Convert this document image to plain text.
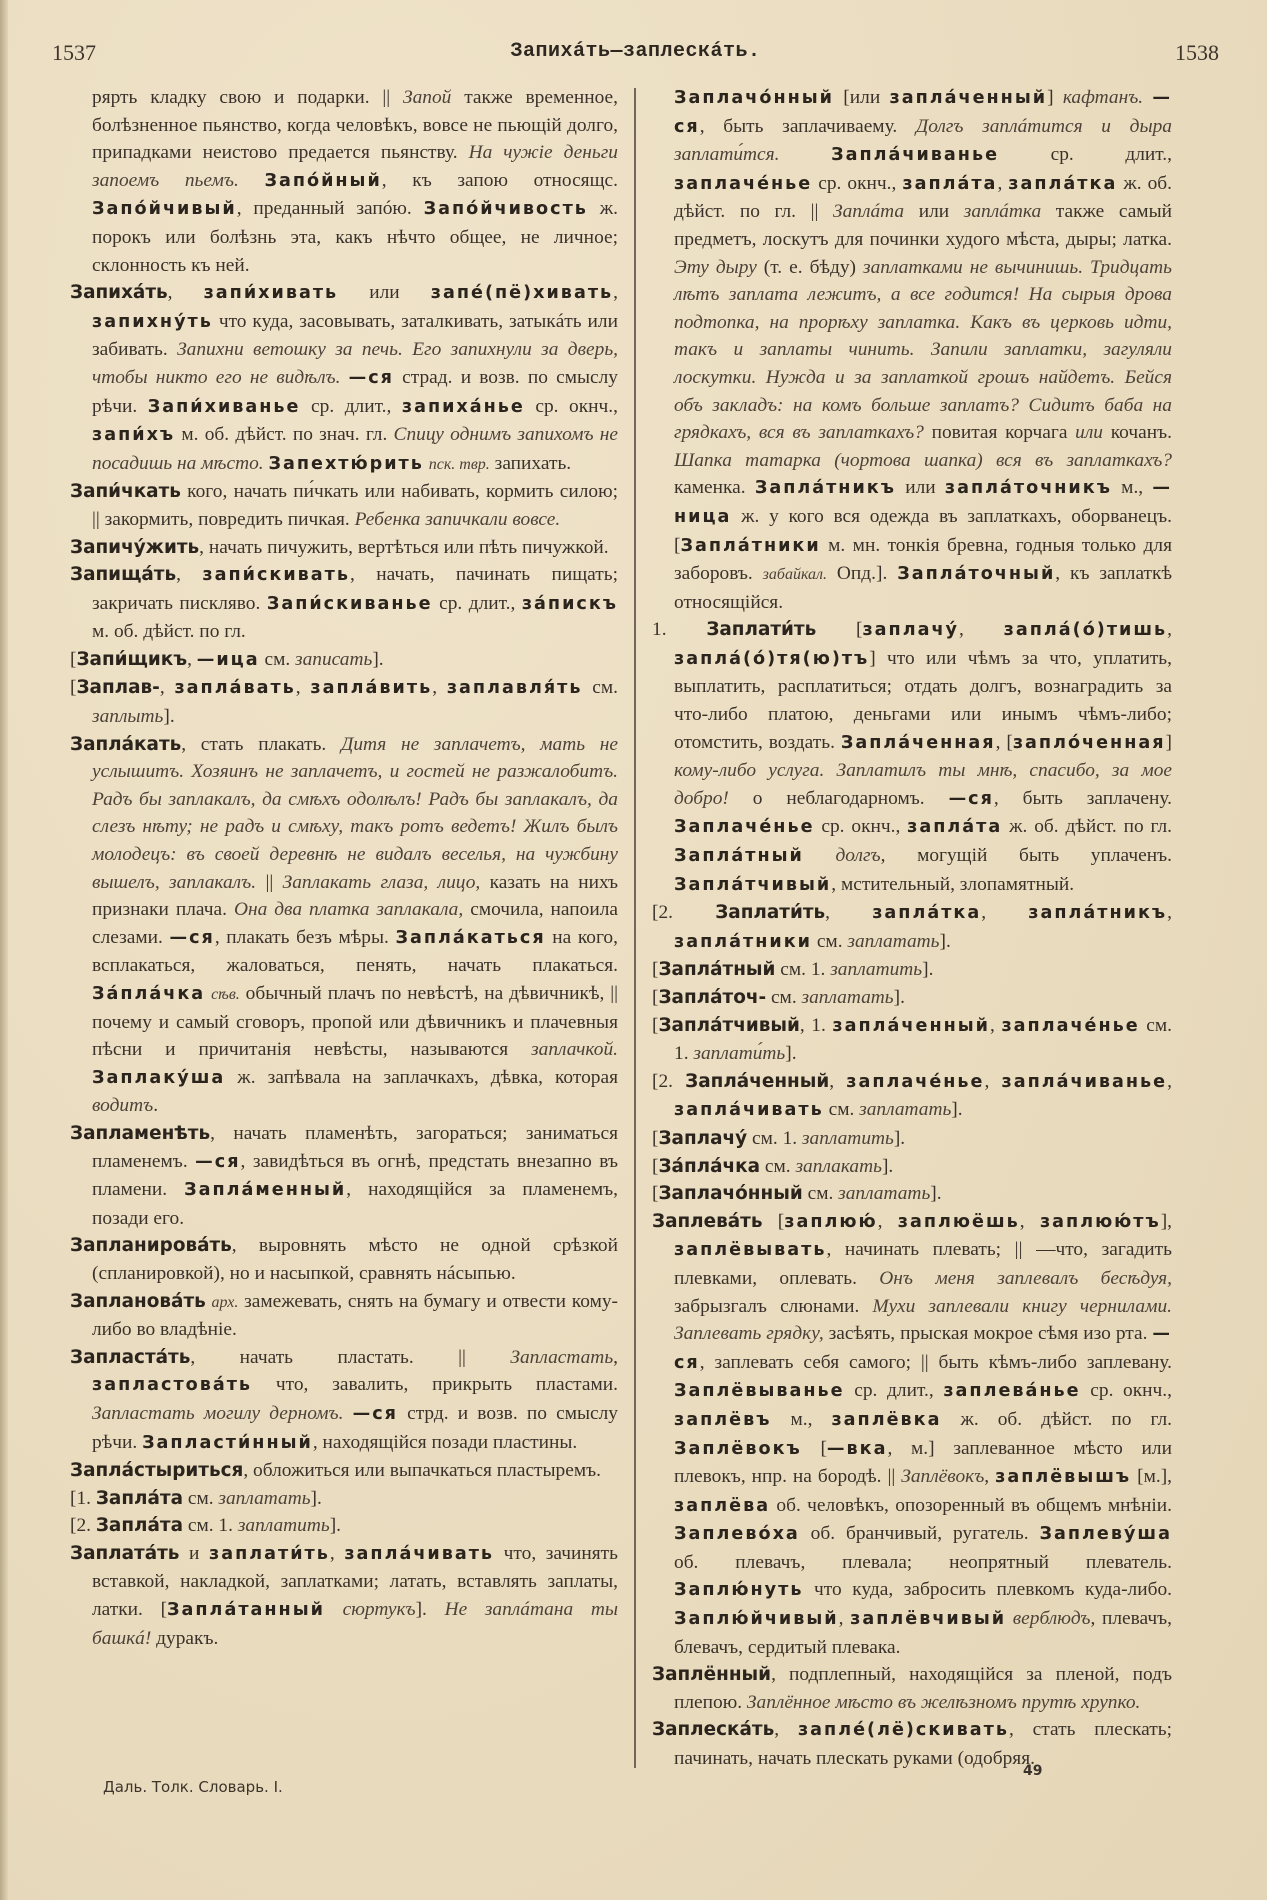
1537	Запихáть—заплескáть.	1538

рярть кладку свою и подарки. || Запой также временное, болѣзненное пьянство, когда человѣкъ, вовсе не пьющій долго, припадками неистово предается пьянству. На чужіе деньги запоемъ пьемъ. Запóйный, къ запою относящс. Запóйчивый, преданный запóю. Запóйчивость ж. порокъ или болѣзнь эта, какъ нѣчто общее, не личное; склонность къ ней.

Запихáть, запи́хивать или запé(пё)хивать, запихну́ть что куда, засовывать, заталкивать, затыкáть или забивать. Запихни ветошку за печь. Его запихнули за дверь, чтобы никто его не видѣлъ. —ся страд. и возв. по смыслу рѣчи. Запи́хиванье ср. длит., запихáнье ср. окнч., запи́хъ м. об. дѣйст. по знач. гл. Спицу однимъ запихомъ не посадишь на мѣсто. Запехтю́рить пск. твр. запихать.

Запи́чкать кого, начать пи́чкать или набивать, кормить силою; || закормить, повредить пичкая. Ребенка запичкали вовсе.

Запичу́жить, начать пичужить, вертѣться или пѣть пичужкой.

Запищáть, запи́скивать, начать, пачинать пищать; закричать пискляво. Запи́скиванье ср. длит., зáпискъ м. об. дѣйст. по гл.

[Запи́щикъ, —ица см. записать].

[Заплав-, заплáвать, заплáвить, заплавля́ть см. заплыть].

Заплáкать, стать плакать. Дитя не заплачетъ, мать не услышитъ. Хозяинъ не заплачетъ, и гостей не разжалобитъ. Радъ бы заплакалъ, да смѣхъ одолѣлъ! Радъ бы заплакалъ, да слезъ нѣту; не радъ и смѣху, такъ ротъ ведетъ! Жилъ былъ молодецъ: въ своей деревнѣ не видалъ веселья, на чужбину вышелъ, заплакалъ. || Заплакать глаза, лицо, казать на нихъ признаки плача. Она два платка заплакала, смочила, напоила слезами. —ся, плакать безъ мѣры. Заплáкаться на кого, всплакаться, жаловаться, пенять, начать плакаться. Зáплáчка сѣв. обычный плачъ по невѣстѣ, на дѣвичникѣ, || почему и самый сговоръ, пропой или дѣвичникъ и плачевныя пѣсни и причитанія невѣсты, называются заплачкой. Заплаку́ша ж. запѣвала на заплачкахъ, дѣвка, которая водитъ.

Запламенѣть, начать пламенѣть, загораться; заниматься пламенемъ. —ся, завидѣться въ огнѣ, предстать внезапно въ пламени. Заплáменный, находящійся за пламенемъ, позади его.

Запланировáть, выровнять мѣсто не одной срѣзкой (спланировкой), но и насыпкой, сравнять нáсыпью.

Заплановáть арх. замежевать, снять на бумагу и отвести кому-либо во владѣніе.

Запластáть, начать пластать. || Запластать, запластовáть что, завалить, прикрыть пластами. Запластать могилу дерномъ. —ся стрд. и возв. по смыслу рѣчи. Запласти́нный, находящійся позади пластины.

Заплáстыриться, обложиться или выпачкаться пластыремъ.

[1. Заплáта см. заплатать].

[2. Заплáта см. 1. заплатить].

Заплатáть и заплати́ть, заплáчивать что, зачинять вставкой, накладкой, заплатками; латать, вставлять заплаты, латки. [Заплáтанный сюртукъ]. Не заплáтана ты башкá! дуракъ.

Заплачóнный [или заплáченный] кафтанъ. —ся, быть заплачиваему. Долгъ заплáтится и дыра заплати́тся.	Заплáчиванье ср. длит., заплачéнье ср. окнч., заплáта, заплáтка ж. об. дѣйст. по гл. || Заплáта или заплáтка также самый предметъ, лоскутъ для починки худого мѣста, дыры; латка. Эту дыру (т. е. бѣду) заплатками не вычинишь. Тридцать лѣтъ заплата лежитъ, а все годится! На сырыя дрова подтопка, на прорѣху заплатка. Какъ въ церковь идти, такъ и заплаты чинить. Запили заплатки, загуляли лоскутки. Нужда и за заплаткой грошъ найдетъ. Бейся объ закладъ: на комъ больше заплатъ? Сидитъ баба на грядкахъ, вся въ заплаткахъ? повитая корчага или кочанъ. Шапка татарка (чортова шапка) вся въ заплаткахъ? каменка. Заплáтникъ или заплáточникъ м., —ница ж. у кого вся одежда въ заплаткахъ, оборванецъ. [Заплáтники м. мн. тонкія бревна, годныя только для заборовъ. забайкал. Опд.]. Заплáточный, къ заплаткѣ относящійся.

1. Заплати́ть [заплачу́, заплá(ó)тишь, заплá(ó)тя(ю)тъ] что или чѣмъ за что, уплатить, выплатить, расплатиться; отдать долгъ, вознаградить за что-либо платою, деньгами или инымъ чѣмъ-либо; отомстить, воздать. Заплáченная, [заплóченная] кому-либо услуга. Заплатилъ ты мнѣ, спасибо, за мое добро! о неблагодарномъ. —ся, быть заплачену. Заплачéнье ср. окнч., заплáта ж. об. дѣйст. по гл. Заплáтный долгъ, могущій быть уплаченъ. Заплáтчивый, мстительный, злопамятный.

[2. Заплати́ть, заплáтка, заплáтникъ, заплáтники см. заплатать].

[Заплáтный см. 1. заплатить].

[Заплáточ- см. заплатать].

[Заплáтчивый, 1. заплáченный, заплачéнье см. 1. заплати́ть].

[2. Заплáченный, заплачéнье, заплáчиванье, заплáчивать см. заплатать].

[Заплачу́ см. 1. заплатить].

[Зáплáчка см. заплакать].

[Заплачóнный см. заплатать].

Заплевáть [заплюю́, заплюёшь, заплюю́тъ], заплёвывать, начинать плевать; || —что, загадить плевками, оплевать. Онъ меня заплевалъ бесѣдуя, забрызгалъ слюнами. Мухи заплевали книгу чернилами. Заплевать грядку, засѣять, прыская мокрое сѣмя изо рта. —ся, заплевать себя самого; || быть кѣмъ-либо заплевану. Заплёвыванье ср. длит., заплевáнье ср. окнч., заплёвъ м., заплёвка ж. об. дѣйст. по гл. Заплёвокъ [—вка, м.] заплеванное мѣсто или плевокъ, нпр. на бородѣ. || Заплёвокъ, заплёвышъ [м.], заплёва об. человѣкъ, опозоренный въ общемъ мнѣніи. Заплевóха об. бранчивый, ругатель. Заплеву́ша об. плевачъ, плевала; неопрятный плеватель. Заплю́нуть что куда, забросить плевкомъ куда-либо. Заплю́йчивый, заплёвчивый верблюдъ, плевачъ, блевачъ, сердитый плевака.

Заплённый, подплепный, находящійся за пленой, подъ плепою. Заплённое мѣсто въ желѣзномъ прутѣ хрупко.

Заплескáть, заплé(лё)скивать, стать плескать; пачинать, начать плескать руками (одобряя.

Даль. Толк. Словарь. I.
49
